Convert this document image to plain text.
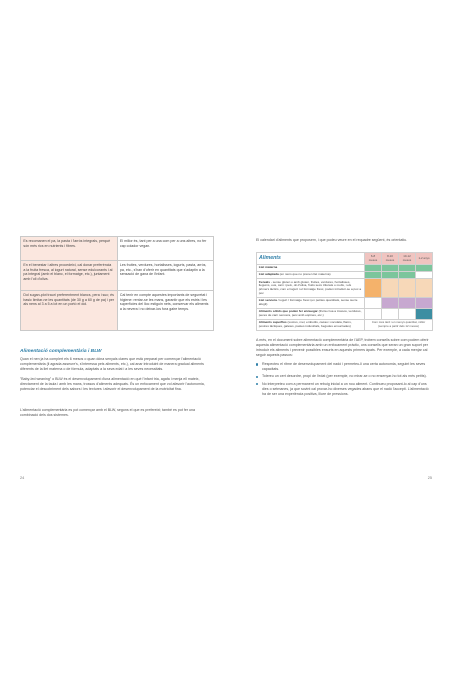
Es recomanen el pa, la pasta i l'arròs integrals, perquè són més rics en nutrients i fibres.	El millor és, tant per a una com per a uns altres, no fer cap colador vegan.
En el benestar i altres procedeixi, cal donar preferència a la fruita fresca, al iogurt natural, sense edulcorants i al pa integral (amb el blanc, el formatge, etc.), juntament amb l'oli d'oliva.	Les fruites, verdures, hortalisses, iogurts, pasta, arròs, pa, etc., s'han d'oferir en quantitats que s'adaptin a la sensació de gana de l'infant.
Dol sugan-plot trauri preferentment blancs, pera i suc; és basic limitar-ne les quantitats (de 30 g a 60 g de pa) i per als nens al 3 a 5 a lot en un portó el dol.	Cal tenir en compte aquestes importants de seguretat i higiene: rentar-se les mans, garantir que els estris i les superfícies del lloc estiguin nets, conservar els aliments a la nevera i no deixar-los fora gaire temps.
Alimentació complementària i BLW

Quan el nen ja ha complert els 6 mesos o quan dóna senyals clares que està preparat per començar l'alimentació complementària (li agrada asseure's, s'interessa pels aliments, etc.), cal anar introduint de manera gradual aliments diferents de la llet materna o de fórmula, adaptats a la seva edat i a les seves necessitats.

"Baby-led weaning" o BLW és el desenvolupament d'una alimentació en què l'infant tria, agafa i menja ell mateix, directament de la taula i amb les mans, trossos d'aliments adequats. És un enfocament que vol afavorir l'autonomia, potenciar el descobriment dels sabors i les textures i afavorir el desenvolupament de la motricitat fina.

L'alimentació complementària es pot començar amb el BLW, segons el que es prefereixi; també es pot fer una combinació dels dos sistemes.

24

El calendari d'aliments que proposem, i que podeu veure en el requadre següent, és orientatiu.

Aliments	6-8 mesos	8-10 mesos	10-12 mesos	1-2 anys
Llet materna				
Llet adaptada (en nens que no prenen llet materna)				
Cereals - sense gluten o amb gluten, fruites, verdures, hortalisses, llegums, ous, carn i peix, oli d'oliva, fruits secs triturats o molts, i els primers làctics, com el iogurt i el formatge fresc, poden introduir-se a poc a poc				
Llet sencera / iogurt / formatge fresc (en petites quantitats, sense sucre afegit)				
Aliments sòlids que poden fer ennuegar (fruita crua a trossos, verdures, peces de carn sencera, peix amb espines, etc.)				
Aliments superflus (sucres, mel, embotits, cacau i xocolata, flams, postres làctiques, galetes, pastes industrials, begudes ensucrades)	Com més tard i en menys quantitat, millor (sempre a partir dels 12 mesos)			

A més, en el document sobre alimentació complementària de l'AEP, trobem consells sobre com podem oferir aquesta alimentació complementària amb un enfocament pràctic, uns consells que seran un gran suport per introduir els aliments i prevenir possibles ensurts en aquests primers àpats. Per exemple, a cada menjar cal seguir aquests passos:

Respecteu el ritme de desenvolupament del nadó i permeteu-li una certa autonomia, seguint les seves capacitats.
Tolereu un cert desordre, propi de l'edat (per exemple, no mirar-se o no ensenyar-ho tot als més petits).
No interpreteu com a permanent un rebuig inicial a un nou aliment. Continueu proposant-lo al cap d'uns dies o setmanes, ja que sovint cal provar-ho diverses vegades abans que el nadó l'accepti. L'alimentació ha de ser una experiència positiva, lliure de pressions.
25
